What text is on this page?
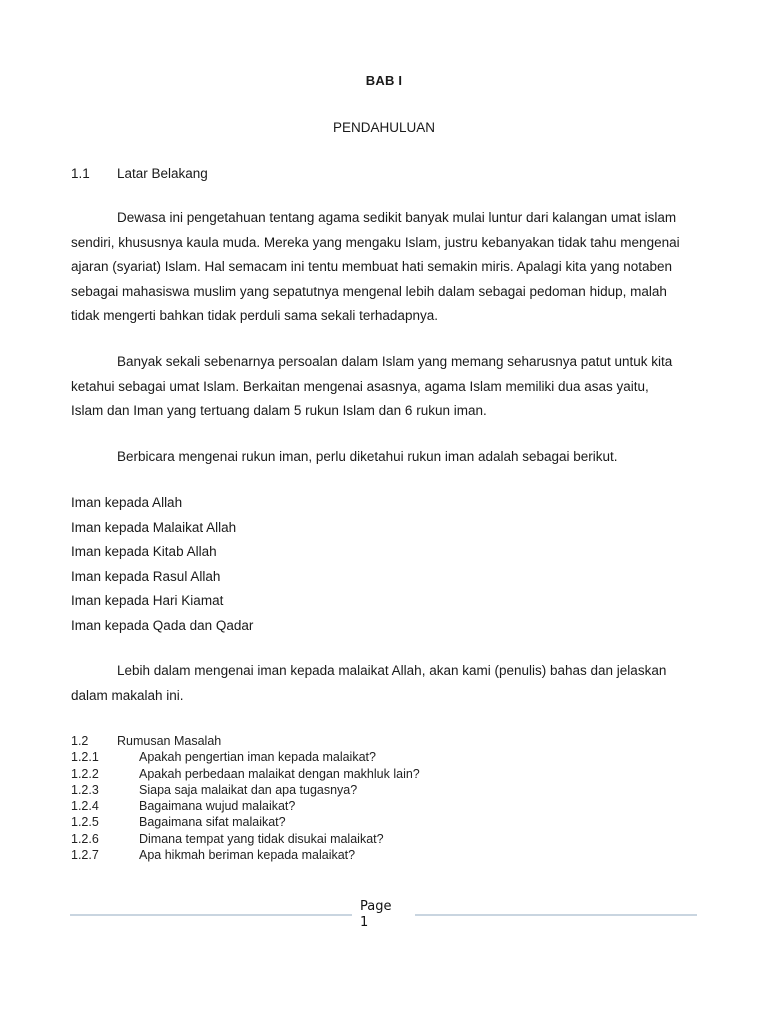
BAB I
PENDAHULUAN
1.1 Latar Belakang
Dewasa ini pengetahuan tentang agama sedikit banyak mulai luntur dari kalangan umat islam
sendiri, khususnya kaula muda. Mereka yang mengaku Islam, justru kebanyakan tidak tahu mengenai
ajaran (syariat) Islam. Hal semacam ini tentu membuat hati semakin miris. Apalagi kita yang notaben
sebagai mahasiswa muslim yang sepatutnya mengenal lebih dalam sebagai pedoman hidup, malah
tidak mengerti bahkan tidak perduli sama sekali terhadapnya.
Banyak sekali sebenarnya persoalan dalam Islam yang memang seharusnya patut untuk kita
ketahui sebagai umat Islam. Berkaitan mengenai asasnya, agama Islam memiliki dua asas yaitu,
Islam dan Iman yang tertuang dalam 5 rukun Islam dan 6 rukun iman.
Berbicara mengenai rukun iman, perlu diketahui rukun iman adalah sebagai berikut.
Iman kepada Allah
Iman kepada Malaikat Allah
Iman kepada Kitab Allah
Iman kepada Rasul Allah
Iman kepada Hari Kiamat
Iman kepada Qada dan Qadar
Lebih dalam mengenai iman kepada malaikat Allah, akan kami (penulis) bahas dan jelaskan
dalam makalah ini.
1.2	Rumusan Masalah
1.2.1	Apakah pengertian iman kepada malaikat?
1.2.2	Apakah perbedaan malaikat dengan makhluk lain?
1.2.3	Siapa saja malaikat dan apa tugasnya?
1.2.4	Bagaimana wujud malaikat?
1.2.5	Bagaimana sifat malaikat?
1.2.6	Dimana tempat yang tidak disukai malaikat?
1.2.7	Apa hikmah beriman kepada malaikat?
Page
1
